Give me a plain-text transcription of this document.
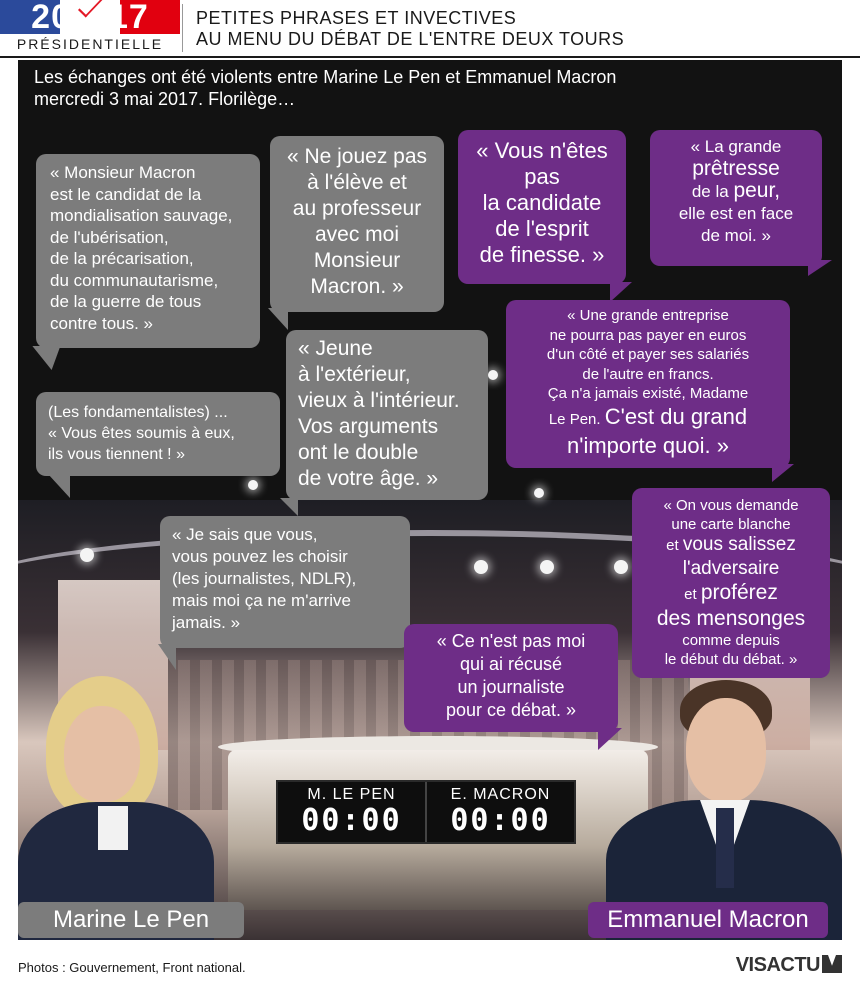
20 17
PRÉSIDENTIELLE
PETITES PHRASES ET INVECTIVES
AU MENU DU DÉBAT DE L'ENTRE DEUX TOURS
Les échanges ont été violents entre Marine Le Pen et Emmanuel Macron
mercredi 3 mai 2017. Florilège…
M. LE PEN
00:00
E. MACRON
00:00
« Monsieur Macron
est le candidat de la
mondialisation sauvage,
de l'ubérisation,
de la précarisation,
du communautarisme,
de la guerre de tous
contre tous. »
« Ne jouez pas
à l'élève et
au professeur
avec moi
Monsieur
Macron. »
« Vous n'êtes
pas
la candidate
de l'esprit
de finesse. »
« La grande
prêtresse
de la peur,
elle est en face
de moi. »
« Une grande entreprise
ne pourra pas payer en euros
d'un côté et payer ses salariés
de l'autre en francs.
Ça n'a jamais existé, Madame
Le Pen. C'est du grand
n'importe quoi. »
« Jeune
à l'extérieur,
vieux à l'intérieur.
Vos arguments
ont le double
de votre âge. »
(Les fondamentalistes) ...
« Vous êtes soumis à eux,
ils vous tiennent ! »
« Je sais que vous,
vous pouvez les choisir
(les journalistes, NDLR),
mais moi ça ne m'arrive
jamais. »
« On vous demande
une carte blanche
et vous salissez
l'adversaire
et proférez
des mensonges
comme depuis
le début du débat. »
« Ce n'est pas moi
qui ai récusé
un journaliste
pour ce débat. »
Marine Le Pen	Emmanuel Macron
Photos : Gouvernement, Front national.	VISACTU
